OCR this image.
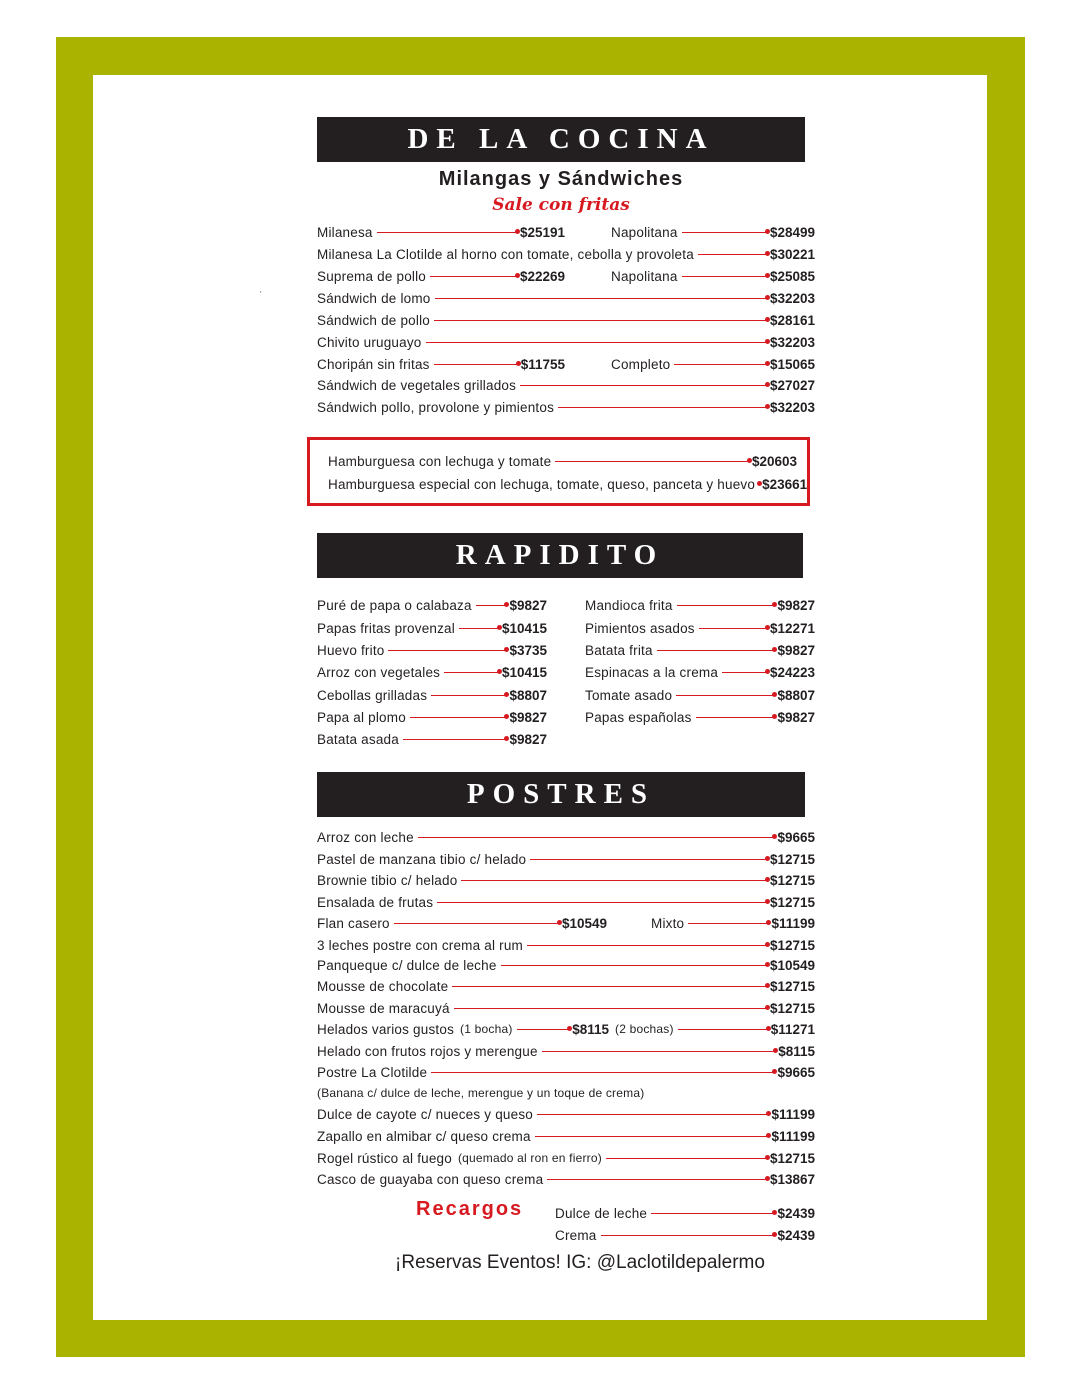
'
DE LA COCINA
Milangas y Sándwiches
Sale con fritas
Milanesa	$25191	Napolitana	$28499
Milanesa La Clotilde al horno con tomate, cebolla y provoleta	$30221
Suprema de pollo	$22269	Napolitana	$25085
Sándwich de lomo	$32203
Sándwich de pollo	$28161
Chivito uruguayo	$32203
Choripán sin fritas	$11755	Completo	$15065
Sándwich de vegetales grillados	$27027
Sándwich pollo, provolone y pimientos	$32203
Hamburguesa con lechuga y tomate	$20603
Hamburguesa especial con lechuga, tomate, queso, panceta y huevo $23661
RAPIDITO
Puré de papa o calabaza	$9827
Papas fritas provenzal	$10415
Huevo frito	$3735
Arroz con vegetales	$10415
Cebollas grilladas	$8807
Papa al plomo	$9827
Batata asada	$9827
Mandioca frita	$9827
Pimientos asados	$12271
Batata frita	$9827
Espinacas a la crema	$24223
Tomate asado	$8807
Papas españolas	$9827
POSTRES
Arroz con leche	$9665
Pastel de manzana tibio c/ helado	$12715
Brownie tibio c/ helado	$12715
Ensalada de frutas	$12715
Flan casero	$10549	Mixto	$11199
3 leches postre con crema al rum	$12715
Panqueque c/ dulce de leche	$10549
Mousse de chocolate	$12715
Mousse de maracuyá	$12715
Helados varios gustos (1 bocha)	$8115 (2 bochas)	$11271
Helado con frutos rojos y merengue	$8115
Postre La Clotilde	$9665
(Banana c/ dulce de leche, merengue y un toque de crema)
Dulce de cayote c/ nueces y queso	$11199
Zapallo en almibar c/ queso crema	$11199
Rogel rústico al fuego (quemado al ron en fierro)	$12715
Casco de guayaba con queso crema	$13867
Recargos Dulce de leche	$2439
Crema	$2439
¡Reservas Eventos! IG: @Laclotildepalermo
